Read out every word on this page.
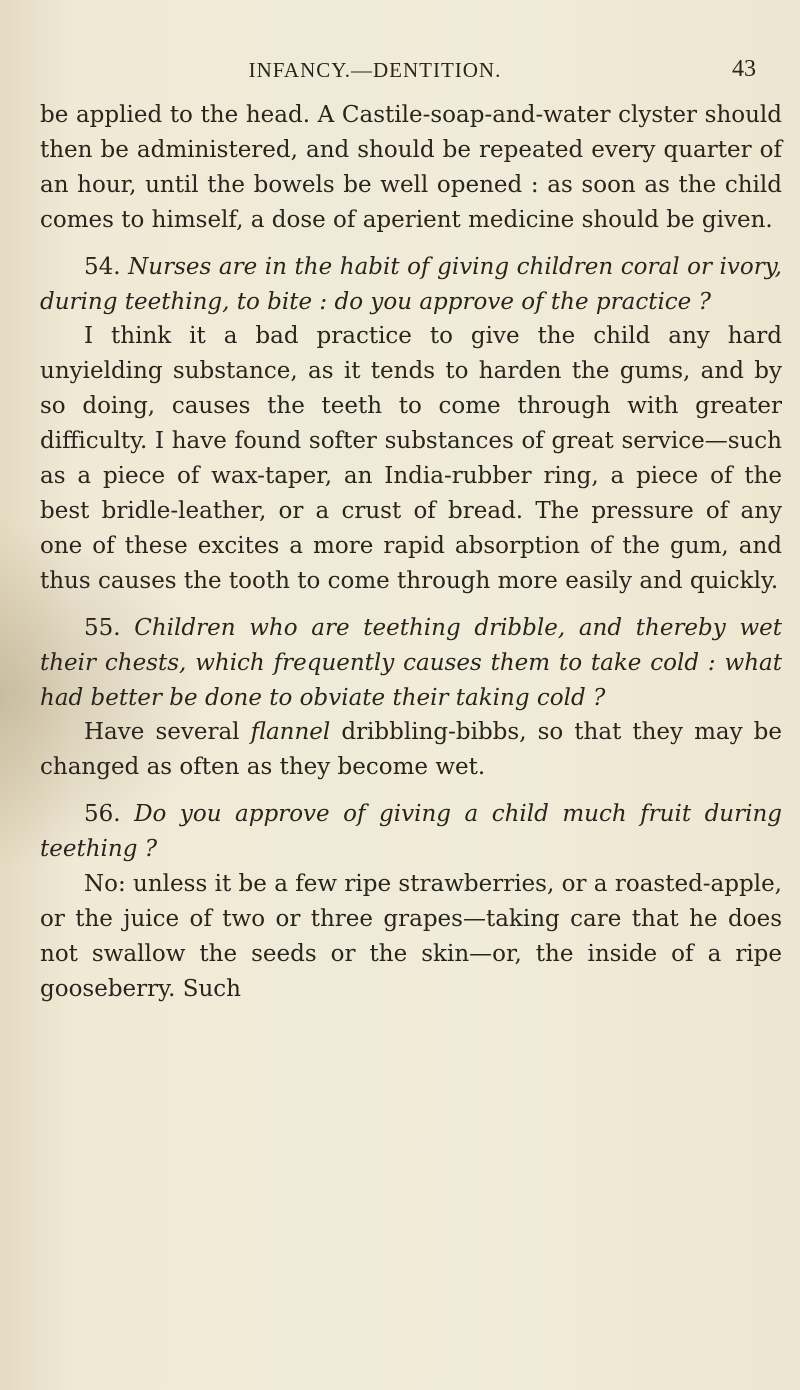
INFANCY.—DENTITION.	43

be applied to the head. A Castile-soap-and-water clyster should then be administered, and should be repeated every quarter of an hour, until the bowels be well opened : as soon as the child comes to himself, a dose of aperient medicine should be given.

54. Nurses are in the habit of giving children coral or ivory, during teething, to bite : do you approve of the practice ?

I think it a bad practice to give the child any hard unyielding substance, as it tends to harden the gums, and by so doing, causes the teeth to come through with greater difficulty. I have found softer substances of great service—such as a piece of wax-taper, an India-rubber ring, a piece of the best bridle-leather, or a crust of bread. The pressure of any one of these excites a more rapid absorption of the gum, and thus causes the tooth to come through more easily and quickly.

55. Children who are teething dribble, and thereby wet their chests, which frequently causes them to take cold : what had better be done to obviate their taking cold ?

Have several flannel dribbling-bibbs, so that they may be changed as often as they become wet.

56. Do you approve of giving a child much fruit during teething ?

No: unless it be a few ripe strawberries, or a roasted-apple, or the juice of two or three grapes—taking care that he does not swallow the seeds or the skin—or, the inside of a ripe gooseberry. Such
